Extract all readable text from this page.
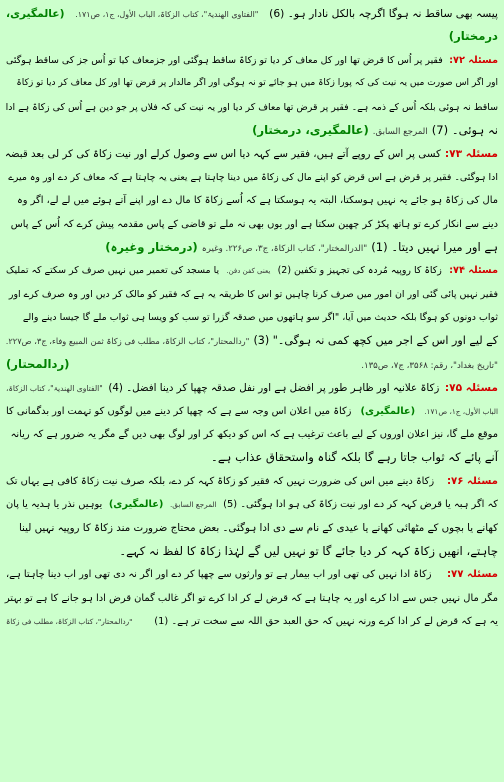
پیسہ بھی ساقط نہ ہوگا اگرچہ بالکل نادار ہو۔ (6)
"الفتاوی الھندیۃ"، کتاب الزکاۃ، الباب الأول، ج۱، ص۱۷۱.
(عالمگیری،
درمختار)
مسئلہ ۷۲:
فقیر پر اُس کا قرض تھا اور کل معاف کر دیا تو زکاۃ ساقط ہوگئی اور جزمعاف کیا تو اُس جز کی ساقط ہوگئی
اور اگر اس صورت میں یہ نیت کی کہ پورا زکاۃ میں ہو جائے تو نہ ہوگی اور اگر مالدار پر قرض تھا اور کل معاف کر دیا تو زکاۃ
ساقط نہ ہوئی بلکہ اُس کے ذمہ ہے۔ فقیر پر قرض تھا معاف کر دیا اور یہ نیت کی کہ فلاں پر جو دین ہے اُس کی زکاۃ ہے ادا
نہ ہوئی۔ (7)
المرجع السابق.
(عالمگیری، درمختار)
مسئلہ ۷۳:
کسی پر اس کے روپے آتے ہیں، فقیر سے کہہ دیا اس سے وصول کرلے اور نیت زکاۃ کی کر لی بعد قبضہ
ادا ہوگئی۔ فقیر پر قرض ہے اس قرض کو اپنے مال کی زکاۃ میں دینا چاہتا ہے یعنی یہ چاہتا ہے کہ معاف کر دے اور وہ میرے
مال کی زکاۃ ہو جائے یہ نہیں ہوسکتا، البتہ یہ ہوسکتا ہے کہ اُسے زکاۃ کا مال دے اور اپنے آتے ہوئے میں لے لے، اگر وہ
دینے سے انکار کرے تو ہاتھ پکڑ کر چھین سکتا ہے اور یوں بھی نہ ملے تو قاضی کے پاس مقدمہ پیش کرے کہ اُس کے پاس
ہے اور میرا نہیں دیتا۔ (1)
"الدرالمختار"، کتاب الزکاۃ، ج۳، ص۲۲۶. وغیرہ
(درمختار وغیرہ)
مسئلہ ۷۴:
زکاۃ کا روپیہ مُردہ کی تجہیز و تکفین (2)
یعنی کفن دفن.
یا مسجد کی تعمیر میں نہیں صرف کر سکتے کہ تملیک
فقیر نہیں پائی گئی اور ان امور میں صرف کرنا چاہیں تو اس کا طریقہ یہ ہے کہ فقیر کو مالک کر دیں اور وہ صرف کرے اور
ثواب دونوں کو ہوگا بلکہ حدیث میں آیا، "اگر سو ہاتھوں میں صدقہ گزرا تو سب کو ویسا ہی ثواب ملے گا جیسا دینے والے
کے لیے اور اس کے اجر میں کچھ کمی نہ ہوگی۔" (3)
"ردالمحتار"، کتاب الزکاۃ، مطلب فی زکاۃ ثمن المبیع وفاء، ج۳، ص۲۲۷.
"تاریخ بغداد"، رقم: ۳۵۶۸، ج۷، ص۱۳۵.
(ردالمحتار)
مسئلہ ۷۵:
زکاۃ علانیہ اور ظاہر طور پر افضل ہے اور نفل صدقہ چھپا کر دینا افضل۔ (4)
"الفتاوی الھندیۃ"، کتاب الزکاۃ،
الباب الأول، ج۱، ص۱۷۱.
(عالمگیری)
زکاۃ میں اعلان اس وجہ سے ہے کہ چھپا کر دینے میں لوگوں کو تہمت اور بدگمانی کا
موقع ملے گا، نیز اعلان اوروں کے لیے باعث ترغیب ہے کہ اس کو دیکھ کر اور لوگ بھی دیں گے مگر یہ ضرور ہے کہ ریانہ
آنے پائے کہ ثواب جاتا رہے گا بلکہ گناہ واستحقاق عذاب ہے۔
مسئلہ ۷۶:
زکاۃ دینے میں اس کی ضرورت نہیں کہ فقیر کو زکاۃ کہہ کر دے، بلکہ صرف نیت زکاۃ کافی ہے یہاں تک
کہ اگر ہبہ یا قرض کہہ کر دے اور نیت زکاۃ کی ہو ادا ہوگئی۔ (5)
المرجع السابق.
(عالمگیری)
یوہیں نذر یا ہدیہ یا پان
کھانے یا بچوں کے مٹھائی کھانے یا عیدی کے نام سے دی ادا ہوگئی۔ بعض محتاج ضرورت مند زکاۃ کا روپیہ نہیں لینا
چاہتے، انھیں زکاۃ کہہ کر دیا جائے گا تو نہیں لیں گے لہٰذا زکاۃ کا لفظ نہ کہے۔
مسئلہ ۷۷:
زکاۃ ادا نہیں کی تھی اور اب بیمار ہے تو وارثوں سے چھپا کر دے اور اگر نہ دی تھی اور اب دینا چاہتا ہے،
مگر مال نہیں جس سے ادا کرے اور یہ چاہتا ہے کہ قرض لے کر ادا کرے تو اگر غالب گمان قرض ادا ہو جانے کا ہے تو بہتر
یہ ہے کہ قرض لے کر ادا کرے ورنہ نہیں کہ حق العبد حق اللہ سے سخت تر ہے۔ (1)
"ردالمحتار"، کتاب الزکاۃ، مطلب فی زکاۃ
